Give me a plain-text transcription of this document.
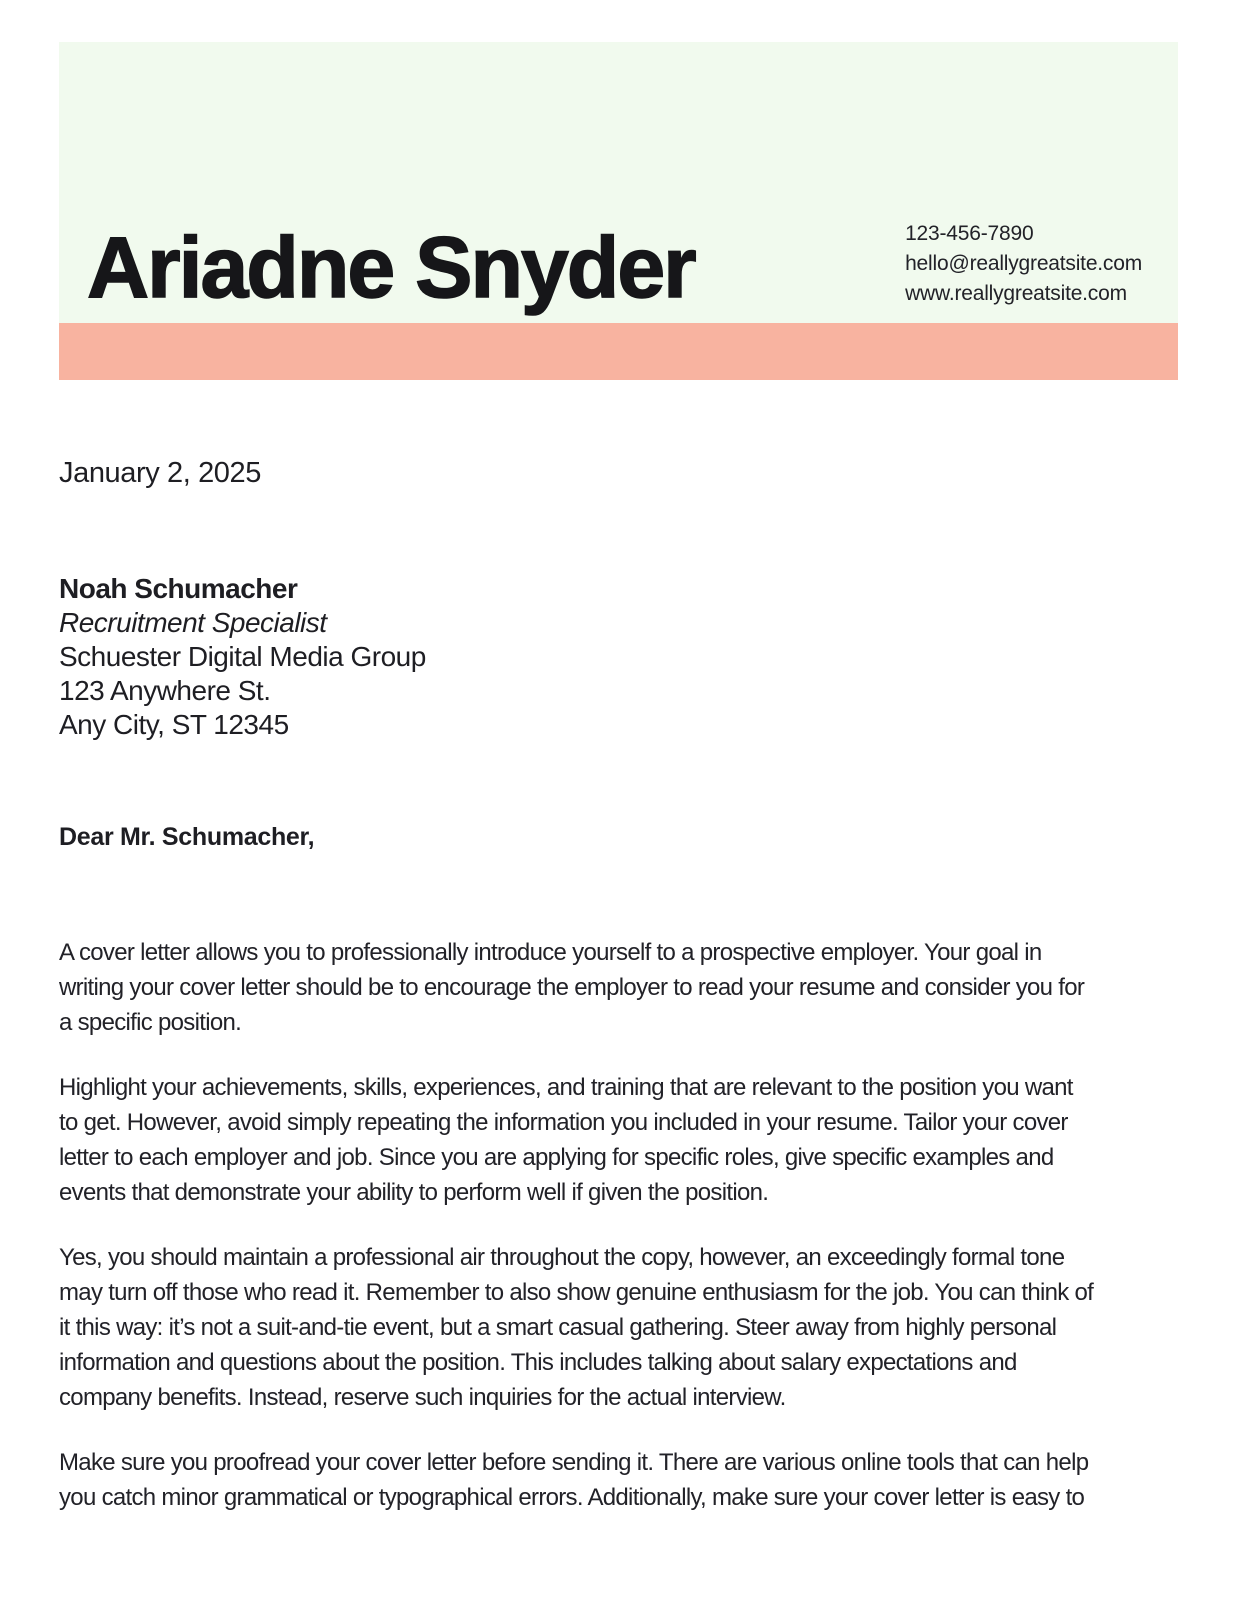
Ariadne Snyder	123-456-7890
hello@reallygreatsite.com
www.reallygreatsite.com
January 2, 2025
Noah Schumacher
Recruitment Specialist
Schuester Digital Media Group
123 Anywhere St.
Any City, ST 12345
Dear Mr. Schumacher,
A cover letter allows you to professionally introduce yourself to a prospective employer. Your goal in
writing your cover letter should be to encourage the employer to read your resume and consider you for
a specific position.
Highlight your achievements, skills, experiences, and training that are relevant to the position you want
to get. However, avoid simply repeating the information you included in your resume. Tailor your cover
letter to each employer and job. Since you are applying for specific roles, give specific examples and
events that demonstrate your ability to perform well if given the position.
Yes, you should maintain a professional air throughout the copy, however, an exceedingly formal tone
may turn off those who read it. Remember to also show genuine enthusiasm for the job. You can think of
it this way: it’s not a suit-and-tie event, but a smart casual gathering. Steer away from highly personal
information and questions about the position. This includes talking about salary expectations and
company benefits. Instead, reserve such inquiries for the actual interview.
Make sure you proofread your cover letter before sending it. There are various online tools that can help
you catch minor grammatical or typographical errors. Additionally, make sure your cover letter is easy to
